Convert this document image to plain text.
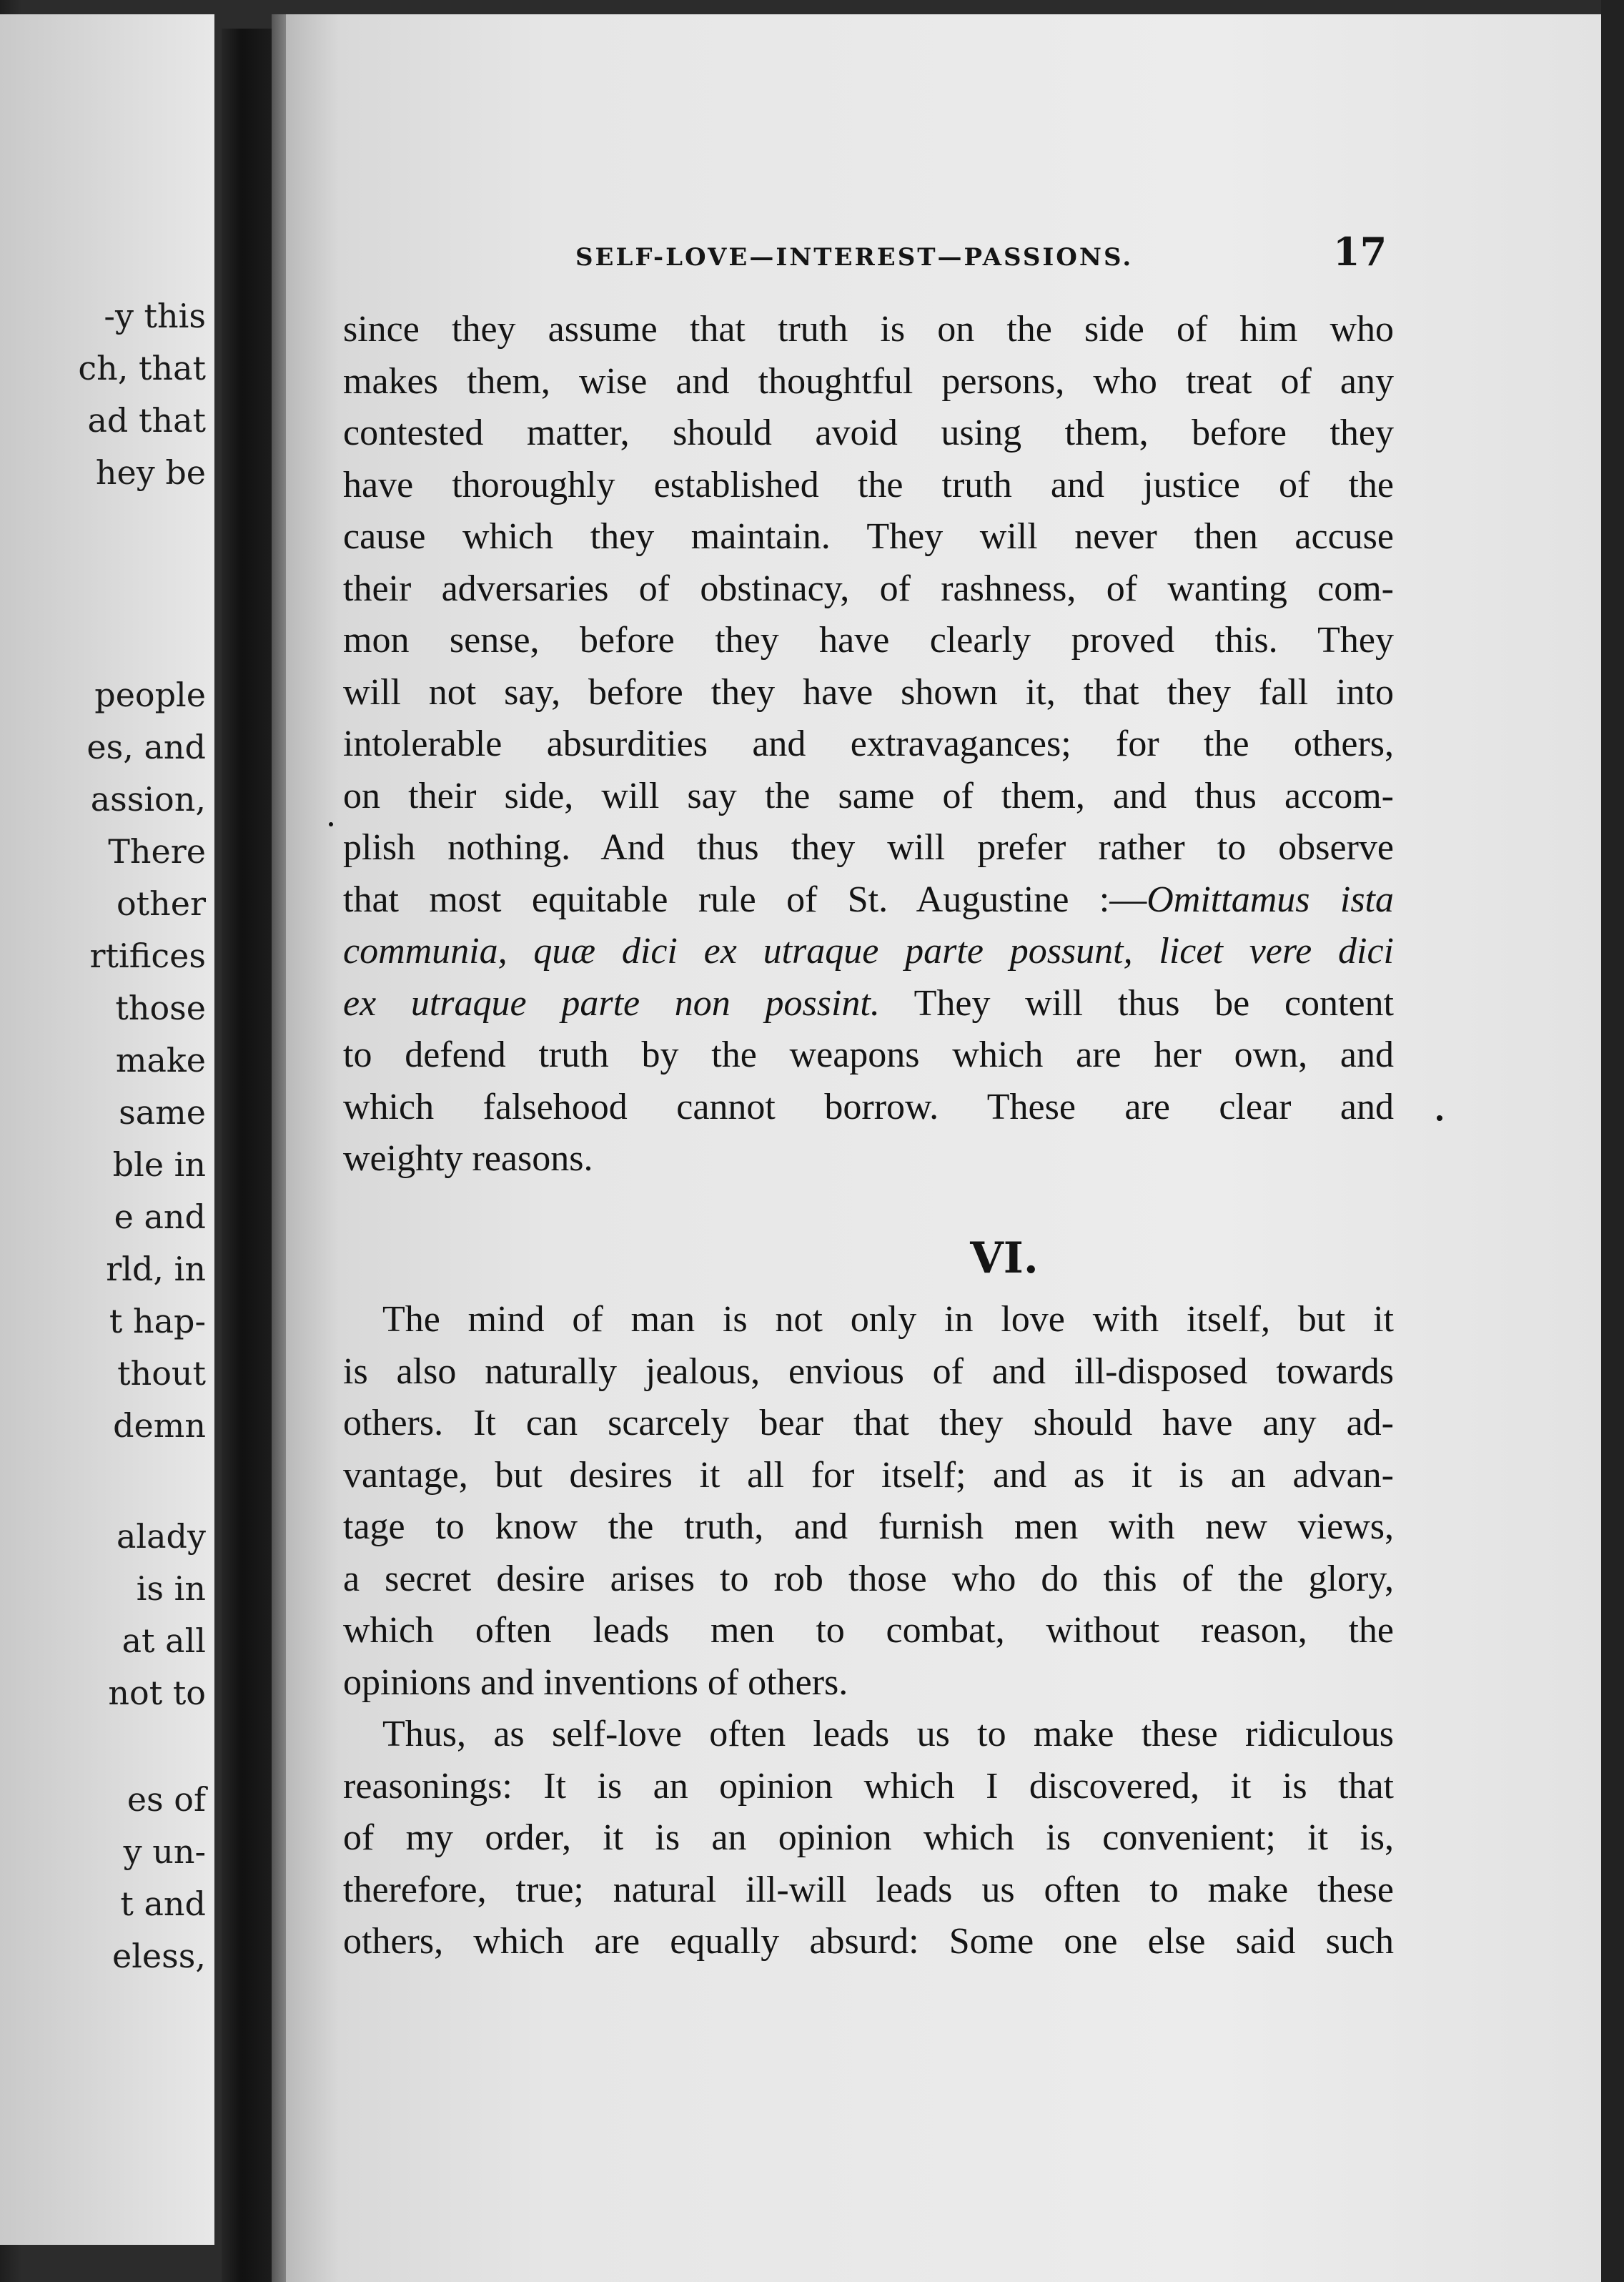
-y this
ch, that
ad that
hey be
people
es, and
assion,
There
other
rtifices
those
make
same
ble in
e and
rld, in
t hap-
thout
demn
alady
is in
at all
not to
es of
y un-
t and
eless,
SELF-LOVE—INTEREST—PASSIONS.	17
since they assume that truth is on the side of him who
makes them, wise and thoughtful persons, who treat of any
contested matter, should avoid using them, before they
have thoroughly established the truth and justice of the
cause which they maintain. They will never then accuse
their adversaries of obstinacy, of rashness, of wanting com-
mon sense, before they have clearly proved this. They
will not say, before they have shown it, that they fall into
intolerable absurdities and extravagances; for the others,
on their side, will say the same of them, and thus accom-
plish nothing. And thus they will prefer rather to observe
that most equitable rule of St. Augustine :—Omittamus ista
communia, quæ dici ex utraque parte possunt, licet vere dici
ex utraque parte non possint. They will thus be content
to defend truth by the weapons which are her own, and
which falsehood cannot borrow. These are clear and
weighty reasons.
VI.
The mind of man is not only in love with itself, but it
is also naturally jealous, envious of and ill-disposed towards
others. It can scarcely bear that they should have any ad-
vantage, but desires it all for itself; and as it is an advan-
tage to know the truth, and furnish men with new views,
a secret desire arises to rob those who do this of the glory,
which often leads men to combat, without reason, the
opinions and inventions of others.
Thus, as self-love often leads us to make these ridiculous
reasonings: It is an opinion which I discovered, it is that
of my order, it is an opinion which is convenient; it is,
therefore, true; natural ill-will leads us often to make these
others, which are equally absurd: Some one else said such
